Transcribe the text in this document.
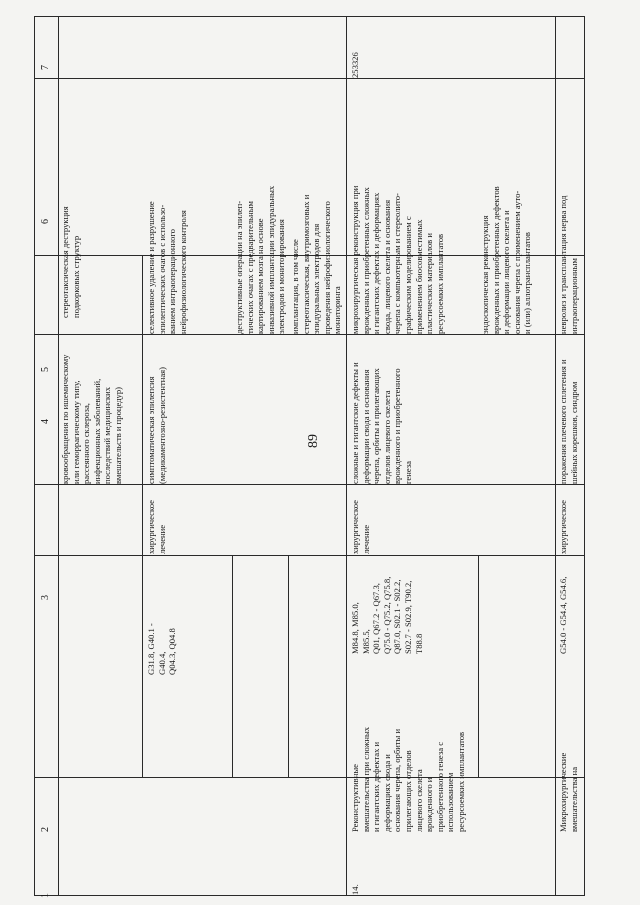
1
2
3
4
5
6
7
89
кровообращения по ишемическому
или геморрагическому типу,
рассеянного склероза,
инфекционных заболеваний,
последствий медицинских
вмешательств и процедур)
стереотаксическая деструкция
подкорковых структур
G31.8, G40.1 - G40.4,
Q04.3, Q04.8
симптоматическая эпилепсия
(медикаментозно-резистентная)
хирургическое
лечение
селективное удаление и разрушение
эпилептических очагов с использо-
ванием интраоперационного
нейрофизиологического контроля
деструктивные операции на эпилеп-
тических очагах с предварительным
картированием мозга на основе
инвазивной имплантации эпидуральных
электродов и мониторирования
имплантация, в том числе
стереотаксическая, внутримозговых и
эпидуральных электродов для
проведения нейрофизиологического
мониторинга
14.
Реконструктивные
вмешательства при сложных
и гигантских дефектах и
деформациях свода и
основания черепа, орбиты и
прилегающих отделов
лицевого скелета
врожденного и
приобретенного генеза с
использованием
ресурсоемких имплантатов
M84.8, M85.0, M85.5,
Q01, Q67.2 - Q67.3,
Q75.0 - Q75.2, Q75.8,
Q87.0, S02.1 - S02.2,
S02.7 - S02.9, T90.2,
T88.8
сложные и гигантские дефекты и
деформации свода и основания
черепа, орбиты и прилегающих
отделов лицевого скелета
врожденного и приобретенного
генеза
хирургическое
лечение
микрохирургическая реконструкция при
врожденных и приобретенных сложных
и гигантских дефектах и деформациях
свода, лицевого скелета и основания
черепа с компьютерным и стереолито-
графическим моделированием с
применением биосовместимых
пластических материалов и
ресурсоемких имплантатов
эндоскопическая реконструкция
врожденных и приобретенных дефектов
и деформации лицевого скелета и
основания черепа с применением ауто-
и (или) аллотрансплантатов
253326
Микрохирургические
вмешательства на
G54.0 - G54.4, G54.6,
поражения плечевого сплетения и
шейных корешков, синдром
хирургическое
невролиз и трансплантация нерва под
интраоперационным
